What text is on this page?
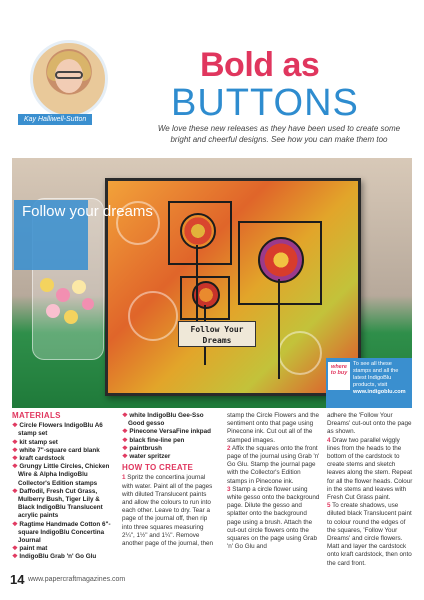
Kay Halliwell-Sutton
Bold as
BUTTONS
We love these new releases as they have been used to create some bright and cheerful designs. See how you can make them too
Follow Your Dreams
Follow your dreams
where to buy
To see all these stamps and all the latest IndigoBlu products, visit www.indigoblu.com
MATERIALS
❖ Circle Flowers IndigoBlu A6 stamp set
❖ kit stamp set
❖ white 7"-square card blank
❖ kraft cardstock
❖ Grungy Little Circles, Chicken Wire & Alpha IndigoBlu Collector's Edition stamps
❖ Daffodil, Fresh Cut Grass, Mulberry Bush, Tiger Lily & Black IndigoBlu Translucent acrylic paints
❖ Ragtime Handmade Cotton 6"-square IndigoBlu Concertina Journal
❖ paint mat
❖ IndigoBlu Grab 'n' Go Glu
❖ white IndigoBlu Gee-Sso Good gesso
❖ Pinecone VersaFine inkpad
❖ black fine-line pen
❖ paintbrush
❖ water spritzer
HOW TO CREATE
1 Spritz the concertina journal with water. Paint all of the pages with diluted Translucent paints and allow the colours to run into each other. Leave to dry. Tear a page of the journal off, then rip into three squares measuring 2¼", 1½" and 1¼". Remove another page of the journal, then
stamp the Circle Flowers and the sentiment onto that page using Pinecone ink. Cut out all of the stamped images.
2 Affix the squares onto the front page of the journal using Grab 'n' Go Glu. Stamp the journal page with the Collector's Edition stamps in Pinecone ink.
3 Stamp a circle flower using white gesso onto the background page. Dilute the gesso and splatter onto the background page using a brush. Attach the cut-out circle flowers onto the squares on the page using Grab 'n' Go Glu and
adhere the 'Follow Your Dreams' cut-out onto the page as shown.
4 Draw two parallel wiggly lines from the heads to the bottom of the cardstock to create stems and sketch leaves along the stem. Repeat for all the flower heads. Colour in the stems and leaves with Fresh Cut Grass paint.
5 To create shadows, use diluted black Translucent paint to colour round the edges of the squares, 'Follow Your Dreams' and circle flowers. Matt and layer the cardstock onto kraft cardstock, then onto the card front.
14 www.papercraftmagazines.com
